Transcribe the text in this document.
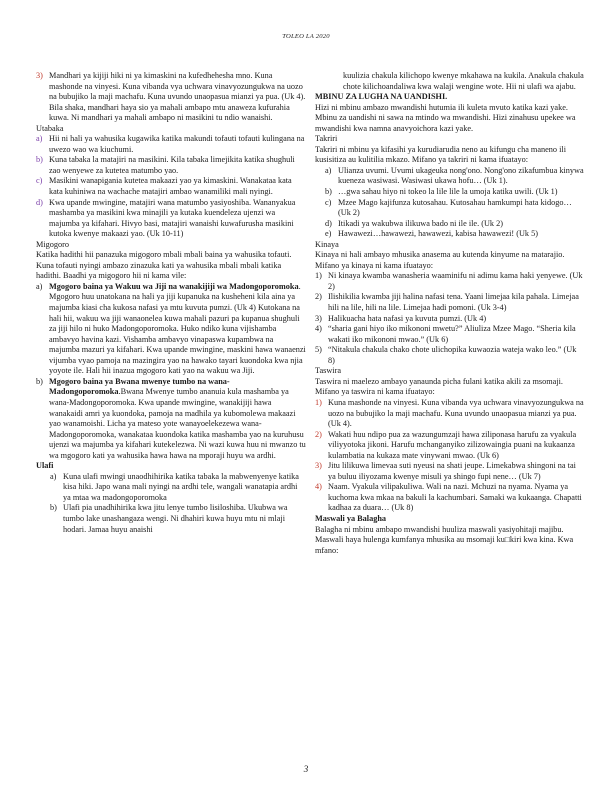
TOLEO LA 2020
3) Mandhari ya kijiji hiki ni ya kimaskini na kufedhehesha mno. Kuna mashonde na vinyesi. Kuna vibanda vya uchwara vinavyozungukwa na uozo na bubujiko la maji machafu. Kuna uvundo unaopasua mianzi ya pua. (Uk 4). Bila shaka, mandhari haya sio ya mahali ambapo mtu anaweza kufurahia kuwa. Ni mandhari ya mahali ambapo ni masikini tu ndio wanaishi.

Utabaka

a) Hii ni hali ya wahusika kugawika katika makundi tofauti tofauti kulingana na uwezo wao wa kiuchumi.
b) Kuna tabaka la matajiri na masikini. Kila tabaka limejikita katika shughuli zao wenyewe za kutetea matumbo yao.
c) Masikini wanapigania kutetea makaazi yao ya kimaskini. Wanakataa kata kata kuhiniwa na wachache matajiri ambao wanamiliki mali nyingi.
d) Kwa upande mwingine, matajiri wana matumbo yasiyoshiba. Wananyakua mashamba ya masikini kwa minajili ya kutaka kuendeleza ujenzi wa majumba ya kifahari. Hivyo basi, matajiri wanaishi kuwafurusha masikini kutoka kwenye makaazi yao. (Uk 10-11)

Migogoro

Katika hadithi hii panazuka migogoro mbali mbali baina ya wahusika tofauti. Kuna tofauti nyingi ambazo zinazuka kati ya wahusika mbali mbali katika hadithi. Baadhi ya migogoro hii ni kama vile:

a) Mgogoro baina ya Wakuu wa Jiji na wanakijiji wa Madongoporomoka. Mgogoro huu unatokana na hali ya jiji kupanuka na kusheheni kila aina ya majumba kiasi cha kukosa nafasi ya mtu kuvuta pumzi. (Uk 4) Kutokana na hali hii, wakuu wa jiji wanaonelea kuwa mahali pazuri pa kupanua shughuli za jiji hilo ni huko Madongoporomoka. Huko ndiko kuna vijishamba ambavyo havina kazi. Vishamba ambavyo vinapaswa kupambwa na majumba mazuri ya kifahari. Kwa upande mwingine, maskini hawa wanaenzi vijumba vyao pamoja na mazingira yao na hawako tayari kuondoka kwa njia yoyote ile. Hali hii inazua mgogoro kati yao na wakuu wa Jiji.
b) Mgogoro baina ya Bwana mwenye tumbo na wana-Madongoporomoka.Bwana Mwenye tumbo ananuia kula mashamba ya wana-Madongoporomoka. Kwa upande mwingine, wanakijiji hawa wanakaidi amri ya kuondoka, pamoja na madhila ya kubomolewa makaazi yao wanamoishi. Licha ya mateso yote wanayoelekezewa wana-Madongoporomoka, wanakataa kuondoka katika mashamba yao na kuruhusu ujenzi wa majumba ya kifahari kutekelezwa. Ni wazi kuwa huu ni mwanzo tu wa mgogoro kati ya wahusika hawa hawa na mporaji huyu wa ardhi.

Ulafi

a) Kuna ulafi mwingi unaodhihirika katika tabaka la mabwenyenye katika kisa hiki. Japo wana mali nyingi na ardhi tele, wangali wanatapia ardhi ya mtaa wa madongoporomoka
b) Ulafi pia unadhihirika kwa jitu lenye tumbo lisiloshiba. Ukubwa wa tumbo lake unashangaza wengi. Ni dhahiri kuwa huyu mtu ni mlaji hodari. Jamaa huyu anaishi

kuulizia chakula kilichopo kwenye mkahawa na kukila. Anakula chakula chote kilichoandaliwa kwa walaji wengine wote. Hii ni ulafi wa ajabu.

MBINU ZA LUGHA NA UANDISHI.

Hizi ni mbinu ambazo mwandishi hutumia ili kuleta mvuto katika kazi yake. Mbinu za uandishi ni sawa na mtindo wa mwandishi. Hizi zinahusu upekee wa mwandishi kwa namna anavyoichora kazi yake.

Takriri

Takriri ni mbinu ya kifasihi ya kurudiarudia neno au kifungu cha maneno ili kusisitiza au kulitilia mkazo. Mifano ya takriri ni kama ifuatayo:

a) Ulianza uvumi. Uvumi ukageuka nong'ono. Nong'ono zikafumbua kinywa kueneza wasiwasi. Wasiwasi ukawa hofu… (Uk 1).
b) …gwa sahau hiyo ni tokeo la lile lile la umoja katika uwili. (Uk 1)
c) Mzee Mago kajifunza kutosahau. Kutosahau hamkumpi hata kidogo… (Uk 2)
d) Itikadi ya wakubwa ilikuwa bado ni ile ile. (Uk 2)
e) Hawawezi…hawawezi, hawawezi, kabisa hawawezi! (Uk 5)

Kinaya

Kinaya ni hali ambayo mhusika anasema au kutenda kinyume na matarajio. Mifano ya kinaya ni kama ifuatayo:

1) Ni kinaya kwamba wanasheria waaminifu ni adimu kama haki yenyewe. (Uk 2)
2) Ilishikilia kwamba jiji halina nafasi tena. Yaani limejaa kila pahala. Limejaa hili na lile, hili na lile. Limejaa hadi pomoni. (Uk 3-4)
3) Halikuacha hata nafasi ya kuvuta pumzi. (Uk 4)
4) “sharia gani hiyo iko mikononi mwetu?” Aliuliza Mzee Mago. “Sheria kila wakati iko mikononi mwao.” (Uk 6)
5) “Nitakula chakula chako chote ulichopika kuwaozia wateja wako leo.” (Uk 8)

Taswira

Taswira ni maelezo ambayo yanaunda picha fulani katika akili za msomaji. Mifano ya taswira ni kama ifuatayo:

1) Kuna mashonde na vinyesi. Kuna vibanda vya uchwara vinavyozungukwa na uozo na bubujiko la maji machafu. Kuna uvundo unaopasua mianzi ya pua. (Uk 4).
2) Wakati huu ndipo pua za wazungumzaji hawa ziliponasa harufu za vyakula viliyyotoka jikoni. Harufu mchanganyiko zilizowaingia puani na kukaanza kulambatia na kukaza mate vinywani mwao. (Uk 6)
3) Jitu lilikuwa limevaa suti nyeusi na shati jeupe. Limekabwa shingoni na tai ya buluu iliyozama kwenye misuli ya shingo fupi nene… (Uk 7)
4) Naam. Vyakula vilipakuliwa. Wali na nazi. Mchuzi na nyama. Nyama ya kuchoma kwa mkaa na bakuli la kachumbari. Samaki wa kukaanga. Chapatti kadhaa za duara… (Uk 8)

Maswali ya Balagha

Balagha ni mbinu ambapo mwandishi huuliza maswali yasiyohitaji majibu. Maswali haya hulenga kumfanya mhusika au msomaji ku□kiri kwa kina. Kwa mfano:

3
